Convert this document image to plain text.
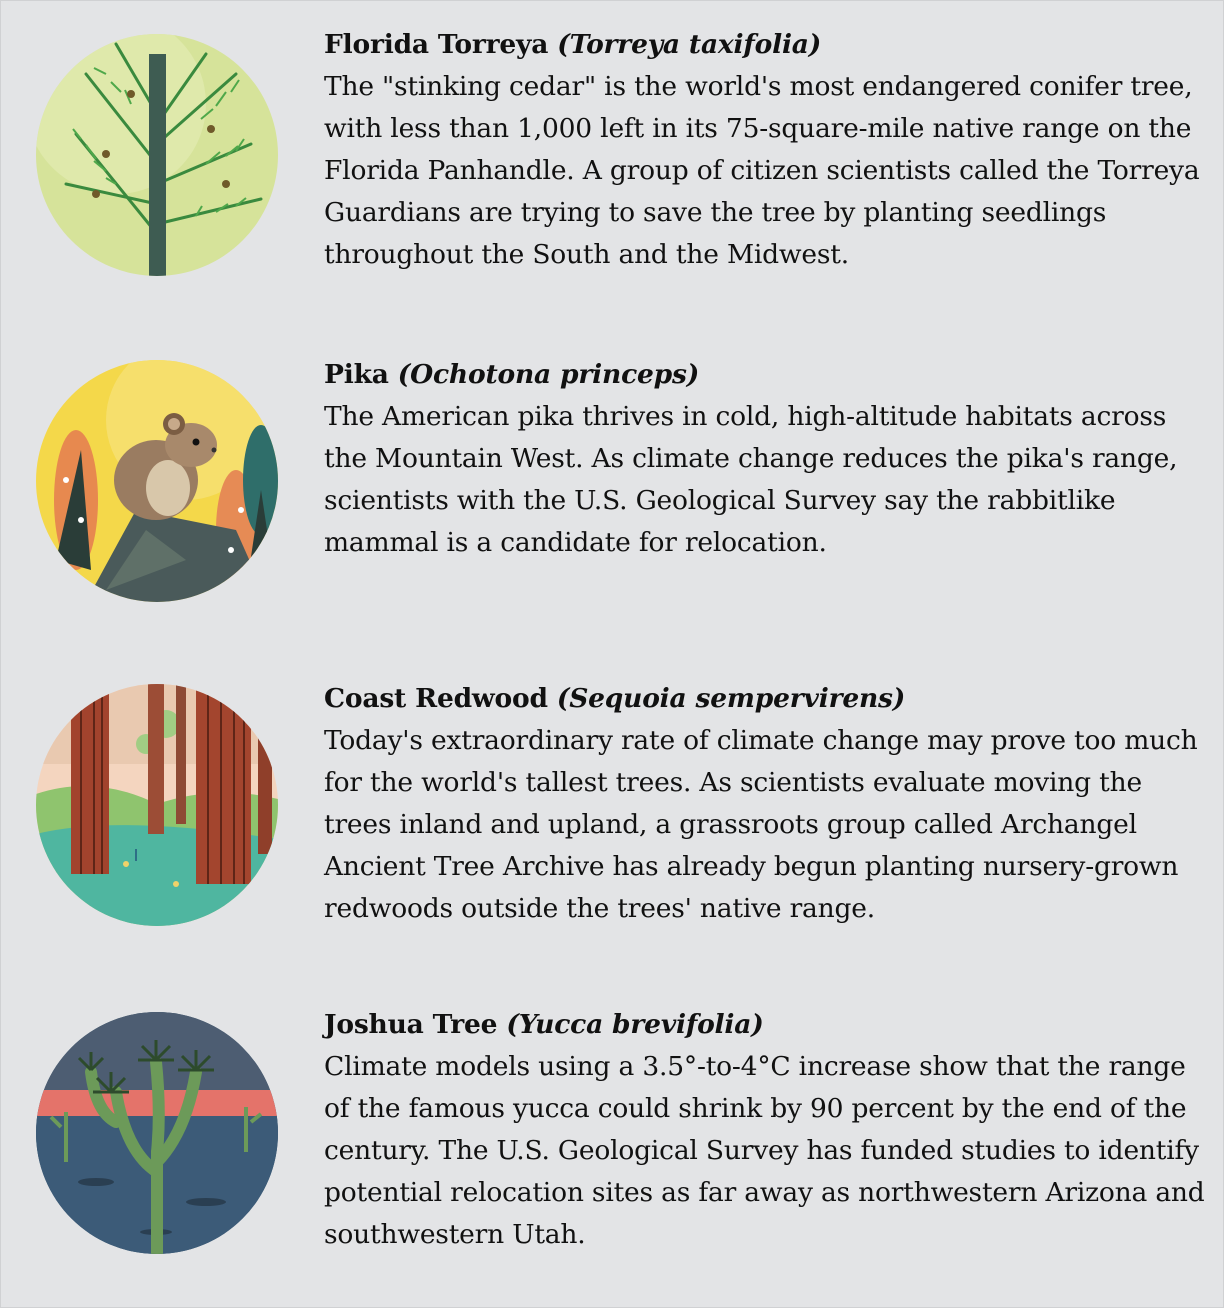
Florida Torreya (Torreya taxifolia)

The "stinking cedar" is the world's most endangered conifer tree, with less than 1,000 left in its 75-square-mile native range on the Florida Panhandle. A group of citizen scientists called the Torreya Guardians are trying to save the tree by planting seedlings throughout the South and the Midwest.

Pika (Ochotona princeps)

The American pika thrives in cold, high-altitude habitats across the Mountain West. As climate change reduces the pika's range, scientists with the U.S. Geological Survey say the rabbitlike mammal is a candidate for relocation.

Coast Redwood (Sequoia sempervirens)

Today's extraordinary rate of climate change may prove too much for the world's tallest trees. As scientists evaluate moving the trees inland and upland, a grassroots group called Archangel Ancient Tree Archive has already begun planting nursery-grown redwoods outside the trees' native range.

Joshua Tree (Yucca brevifolia)

Climate models using a 3.5°-to-4°C increase show that the range of the famous yucca could shrink by 90 percent by the end of the century. The U.S. Geological Survey has funded studies to identify potential relocation sites as far away as northwestern Arizona and southwestern Utah.
